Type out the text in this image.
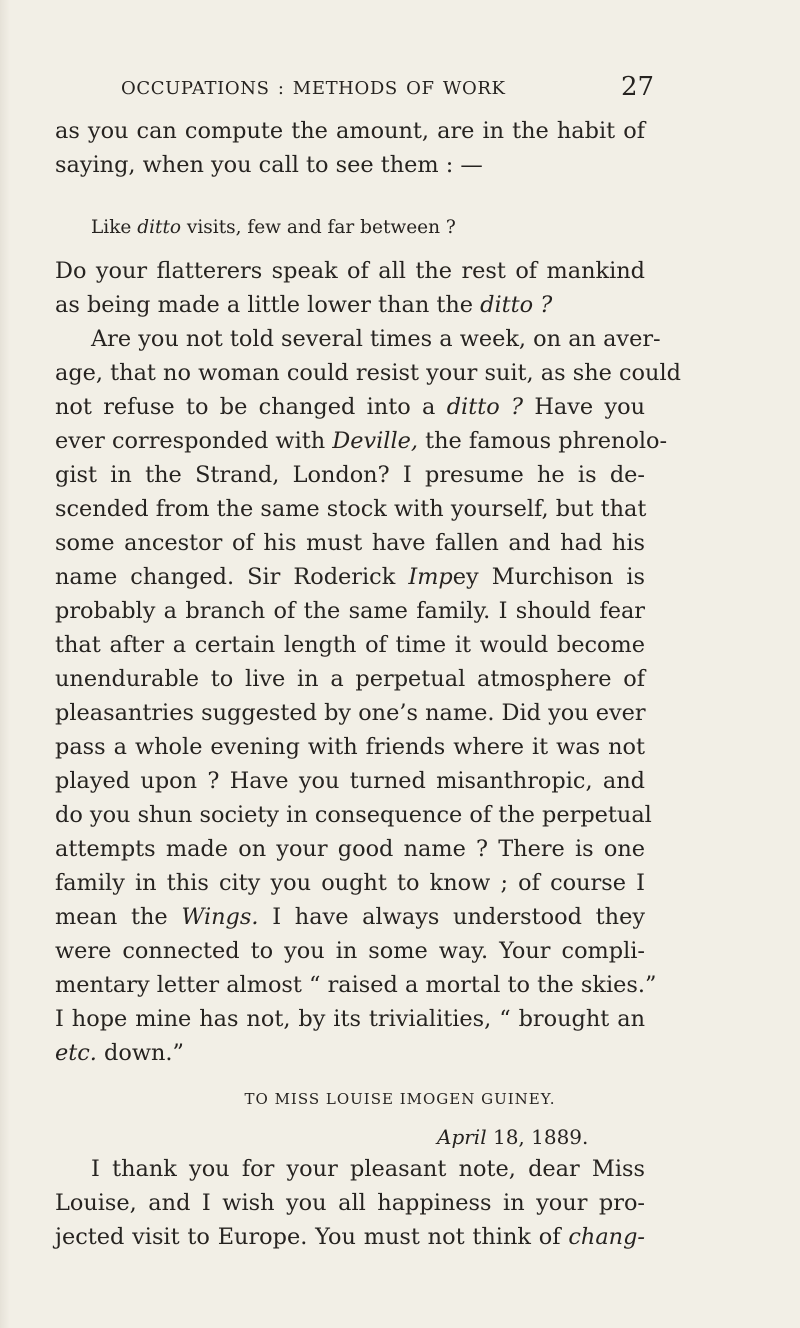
OCCUPATIONS : METHODS OF WORK	27
as you can compute the amount, are in the habit of
saying, when you call to see them : —
Like ditto visits, few and far between ?
Do your flatterers speak of all the rest of mankind
as being made a little lower than the ditto ?
Are you not told several times a week, on an aver-
age, that no woman could resist your suit, as she could
not refuse to be changed into a ditto ? Have you
ever corresponded with Deville, the famous phrenolo-
gist in the Strand, London? I presume he is de-
scended from the same stock with yourself, but that
some ancestor of his must have fallen and had his
name changed. Sir Roderick Impey Murchison is
probably a branch of the same family. I should fear
that after a certain length of time it would become
unendurable to live in a perpetual atmosphere of
pleasantries suggested by one’s name. Did you ever
pass a whole evening with friends where it was not
played upon ? Have you turned misanthropic, and
do you shun society in consequence of the perpetual
attempts made on your good name ? There is one
family in this city you ought to know ; of course I
mean the Wings. I have always understood they
were connected to you in some way. Your compli-
mentary letter almost “ raised a mortal to the skies.”
I hope mine has not, by its trivialities, “ brought an
etc. down.”
TO MISS LOUISE IMOGEN GUINEY.
April 18, 1889.
I thank you for your pleasant note, dear Miss
Louise, and I wish you all happiness in your pro-
jected visit to Europe. You must not think of chang-
